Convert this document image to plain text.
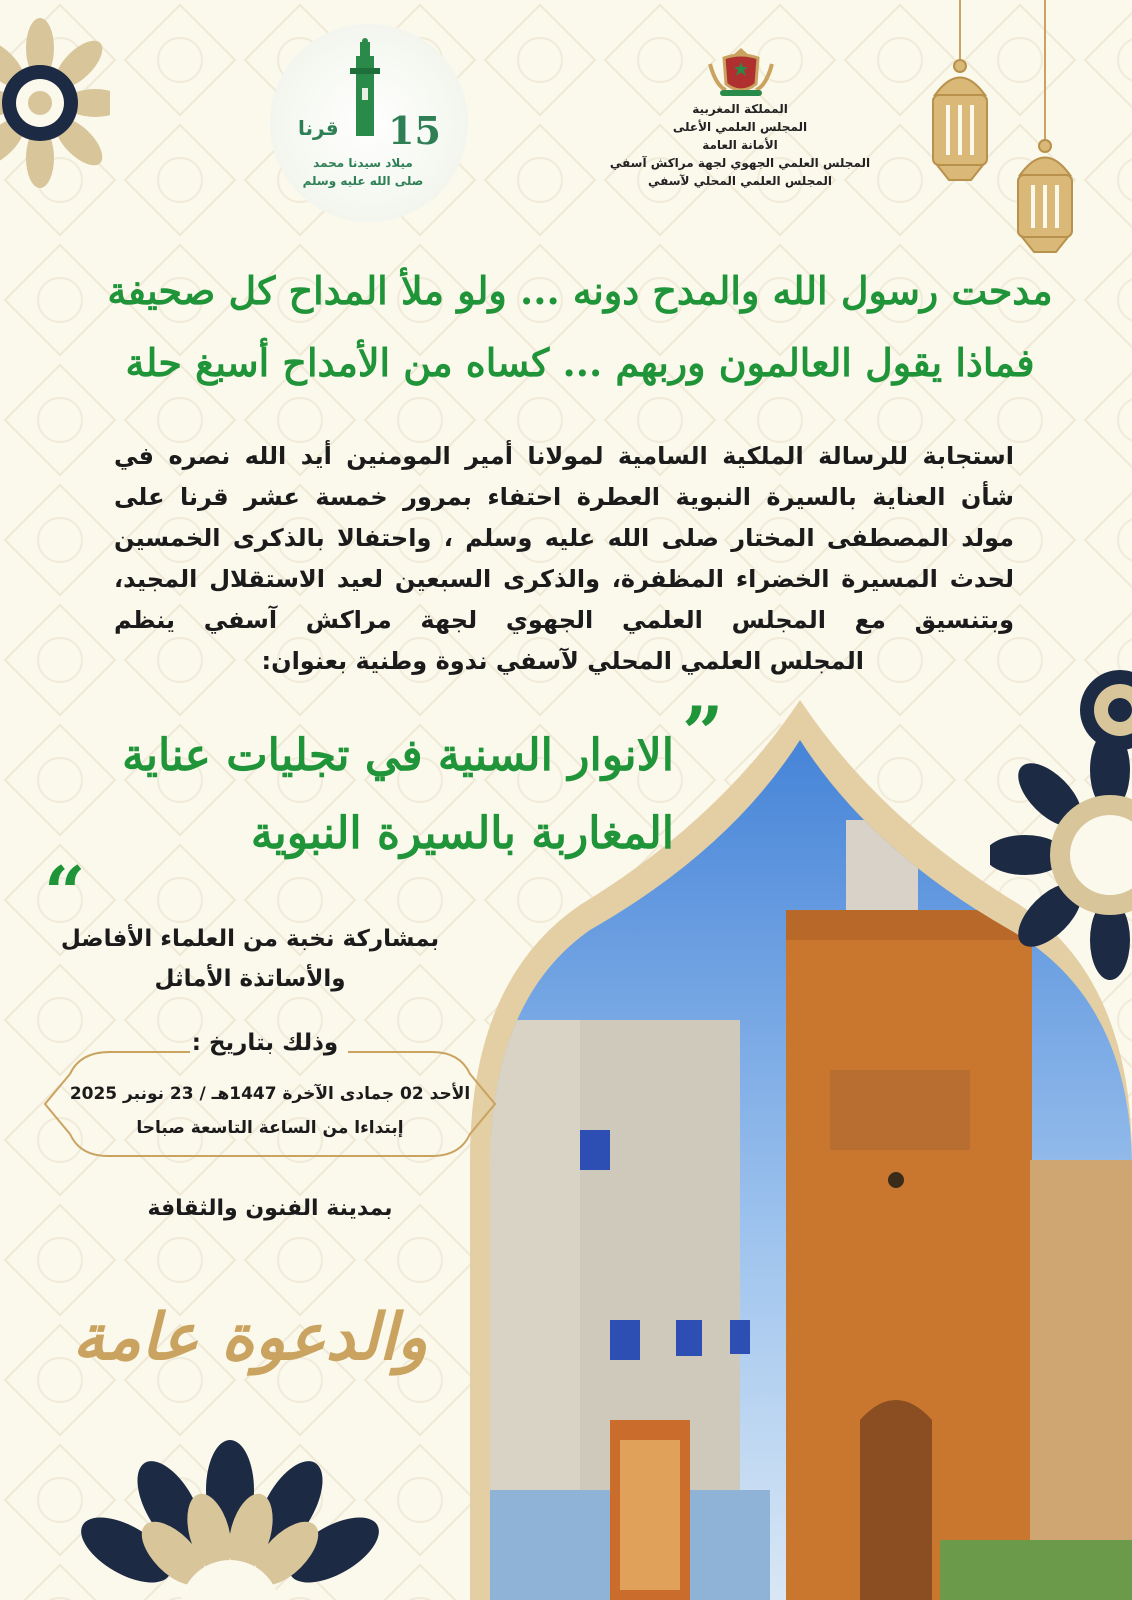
15
قرنا
ميلاد سيدنا محمد
صلى الله عليه وسلم
المملكة المغربية
المجلس العلمي الأعلى
الأمانة العامة
المجلس العلمي الجهوي لجهة مراكش آسفي
المجلس العلمي المحلي لآسفي
مدحت رسول الله والمدح دونه ... ولو ملأ المداح كل صحيفة
فماذا يقول العالمون وربهم ... كساه من الأمداح أسبغ حلة
استجابة للرسالة الملكية السامية لمولانا أمير المومنين أيد الله نصره في
شأن العناية بالسيرة النبوية العطرة احتفاء بمرور خمسة عشر قرنا على
مولد المصطفى المختار صلى الله عليه وسلم ، واحتفالا بالذكرى الخمسين
لحدث المسيرة الخضراء المظفرة، والذكرى السبعين لعيد الاستقلال المجيد،
وبتنسيق مع المجلس العلمي الجهوي لجهة مراكش آسفي ينظم
المجلس العلمي المحلي لآسفي ندوة وطنية بعنوان:
”
الانوار السنية في تجليات عناية
المغاربة بالسيرة النبوية
“
بمشاركة نخبة من العلماء الأفاضل
والأساتذة الأماثل
وذلك بتاريخ :
الأحد 02 جمادى الآخرة 1447هـ / 23 نونبر 2025
إبتداءا من الساعة التاسعة صباحا
بمدينة الفنون والثقافة
والدعوة عامة
